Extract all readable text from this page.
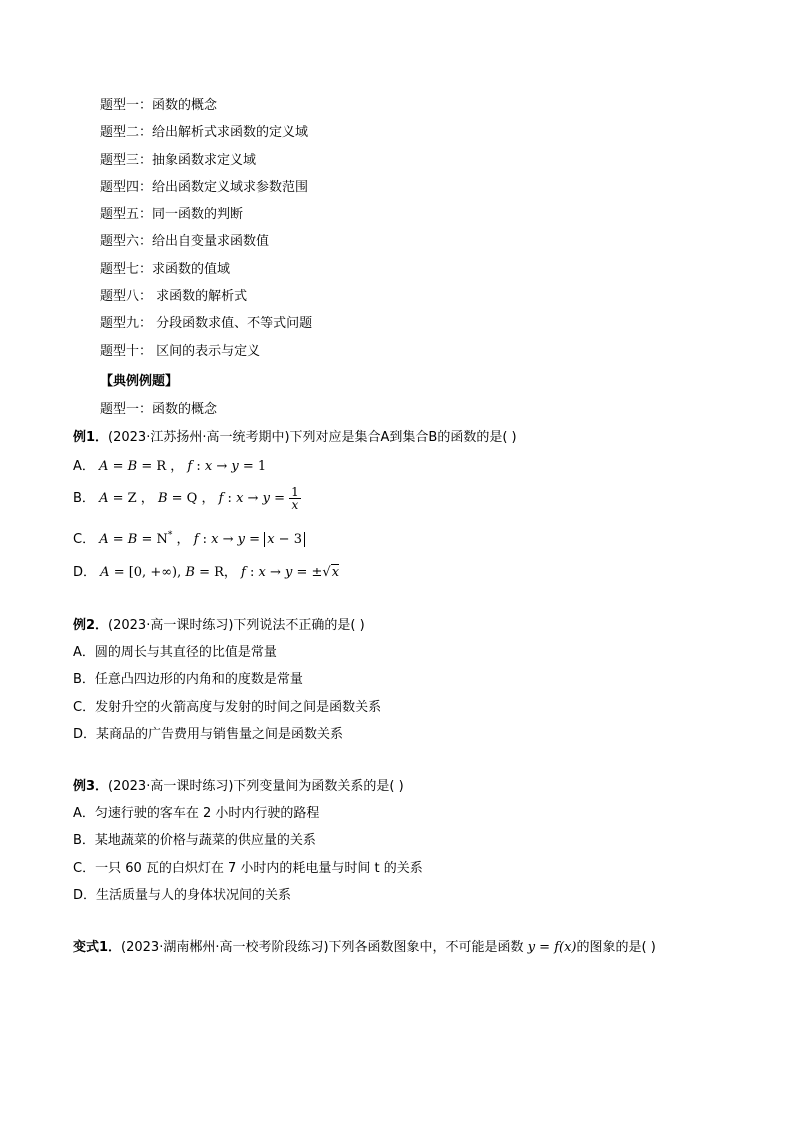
题型一：函数的概念
题型二：给出解析式求函数的定义域
题型三：抽象函数求定义域
题型四：给出函数定义域求参数范围
题型五：同一函数的判断
题型六：给出自变量求函数值
题型七：求函数的值域
题型八： 求函数的解析式
题型九： 分段函数求值、不等式问题
题型十： 区间的表示与定义
【典例例题】
题型一：函数的概念
例1．(2023·江苏扬州·高一统考期中)下列对应是集合A到集合B的函数的是( )
A． A = B = R ， f : x → y = 1
B． A = Z ， B = Q ， f : $x \to y = \frac{1}{x}$
C． A = B = N* ， f : x → y = x − 3
D． A = [0, +∞), B = R， f : x → y = ±√x
例2．(2023·高一课时练习)下列说法不正确的是( )
A．圆的周长与其直径的比值是常量
B．任意凸四边形的内角和的度数是常量
C．发射升空的火箭高度与发射的时间之间是函数关系
D．某商品的广告费用与销售量之间是函数关系
例3．(2023·高一课时练习)下列变量间为函数关系的是( )
A．匀速行驶的客车在 2 小时内行驶的路程
B．某地蔬菜的价格与蔬菜的供应量的关系
C．一只 60 瓦的白炽灯在 7 小时内的耗电量与时间 t 的关系
D．生活质量与人的身体状况间的关系
变式1．(2023·湖南郴州·高一校考阶段练习)下列各函数图象中，不可能是函数 y = f(x)的图象的是( )
